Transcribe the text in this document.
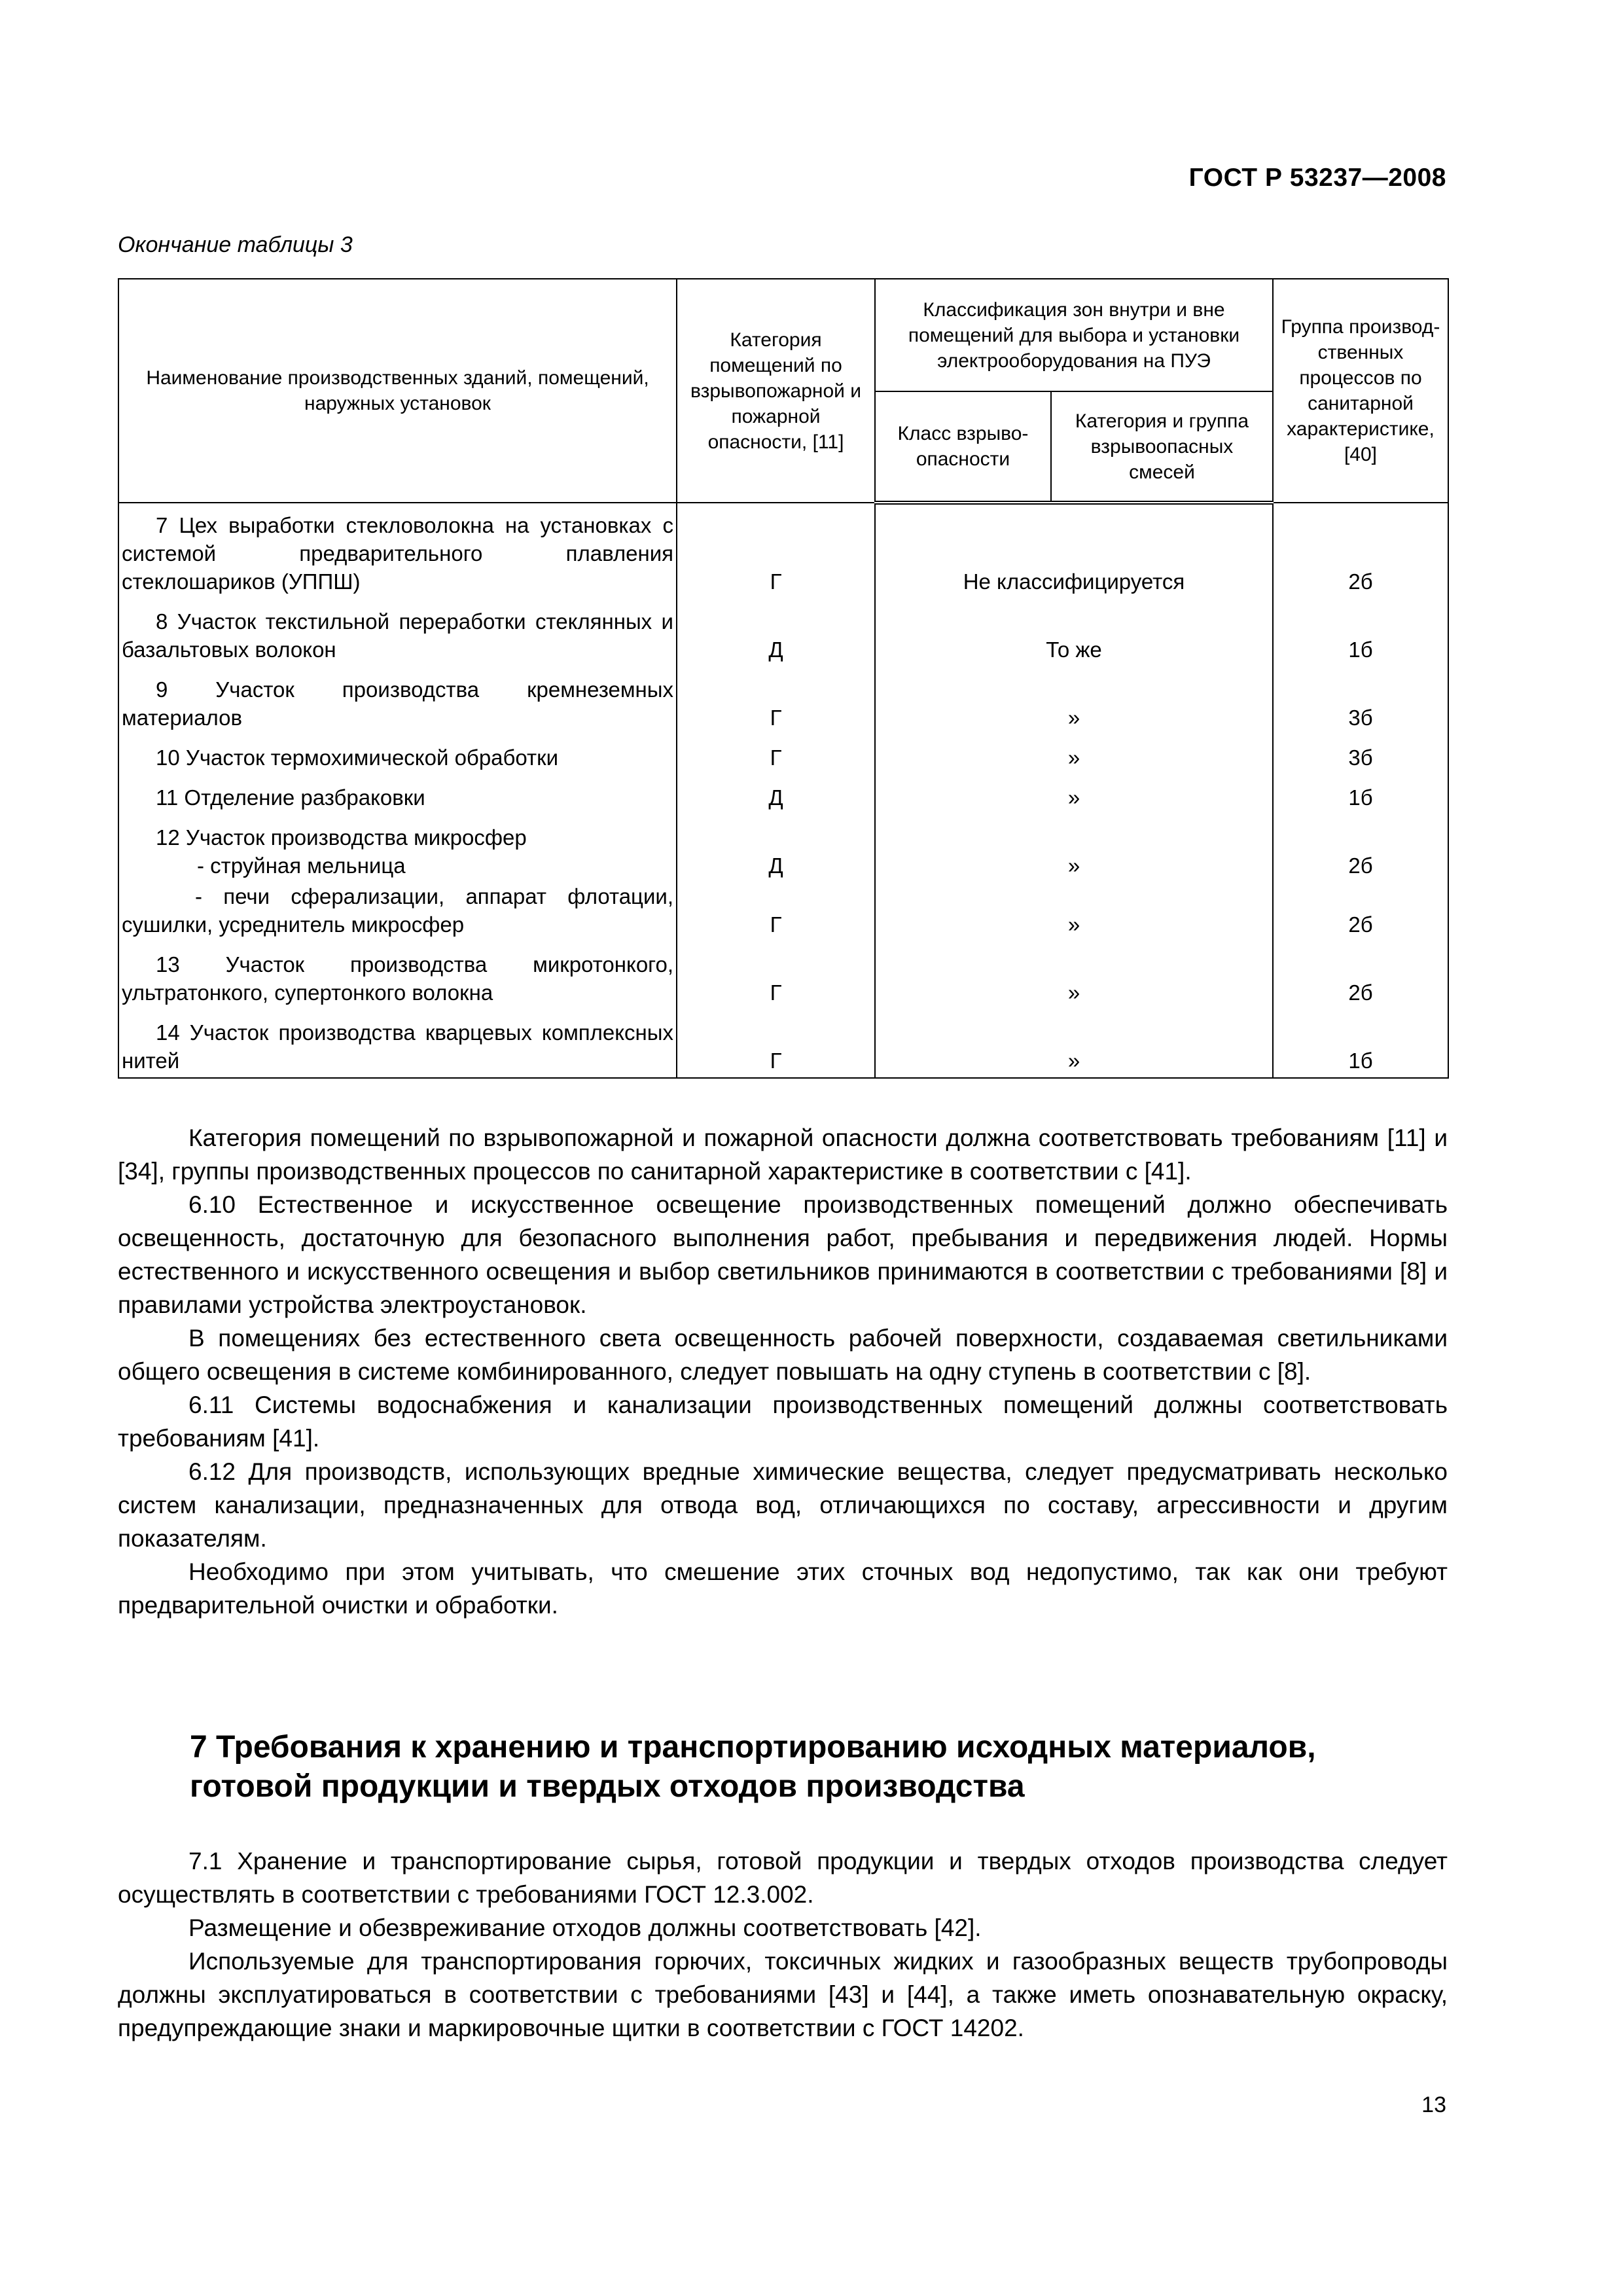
ГОСТ Р 53237—2008
Окончание таблицы 3
Наименование производственных зданий, помещений, наружных установок	Категория помещений по взрывопожарной и пожарной опасности, [11]	Классификация зон внутри и вне помещений для выбора и установки электрооборудования на ПУЭ		Группа производ-ственных процессов по санитарной характеристике, [40]
		Класс взрыво-опасности	Категория и группа взрывоопасных смесей	

7 Цех выработки стекловолокна на установках с системой предварительного плавления стеклошариков (УППШ)	Г	Не классифицируется		2б

8 Участок текстильной переработки стеклянных и базальтовых волокон	Д	То же		1б

9 Участок производства кремнеземных материалов	Г	»		3б

10 Участок термохимической обработки	Г	»		3б

11 Отделение разбраковки	Д	»		1б

12 Участок производства микросфер				

- струйная мельница	Д	»		2б

- печи сферализации, аппарат флотации, сушилки, усреднитель микросфер	Г	»		2б

13 Участок производства микротонкого, ультратонкого, супертонкого волокна	Г	»		2б

14 Участок производства кварцевых комплексных нитей	Г	»		1б

Категория помещений по взрывопожарной и пожарной опасности должна соответствовать требованиям [11] и [34], группы производственных процессов по санитарной характеристике в соответствии с [41].

6.10 Естественное и искусственное освещение производственных помещений должно обеспечивать освещенность, достаточную для безопасного выполнения работ, пребывания и передвижения людей. Нормы естественного и искусственного освещения и выбор светильников принимаются в соответствии с требованиями [8] и правилами устройства электроустановок.

В помещениях без естественного света освещенность рабочей поверхности, создаваемая светильниками общего освещения в системе комбинированного, следует повышать на одну ступень в соответствии с [8].

6.11 Системы водоснабжения и канализации производственных помещений должны соответствовать требованиям [41].

6.12 Для производств, использующих вредные химические вещества, следует предусматривать несколько систем канализации, предназначенных для отвода вод, отличающихся по составу, агрессивности и другим показателям.

Необходимо при этом учитывать, что смешение этих сточных вод недопустимо, так как они требуют предварительной очистки и обработки.

7 Требования к хранению и транспортированию исходных материалов,
готовой продукции и твердых отходов производства

7.1 Хранение и транспортирование сырья, готовой продукции и твердых отходов производства следует осуществлять в соответствии с требованиями ГОСТ 12.3.002.

Размещение и обезвреживание отходов должны соответствовать [42].

Используемые для транспортирования горючих, токсичных жидких и газообразных веществ трубопроводы должны эксплуатироваться в соответствии с требованиями [43] и [44], а также иметь опознавательную окраску, предупреждающие знаки и маркировочные щитки в соответствии с ГОСТ 14202.

13
